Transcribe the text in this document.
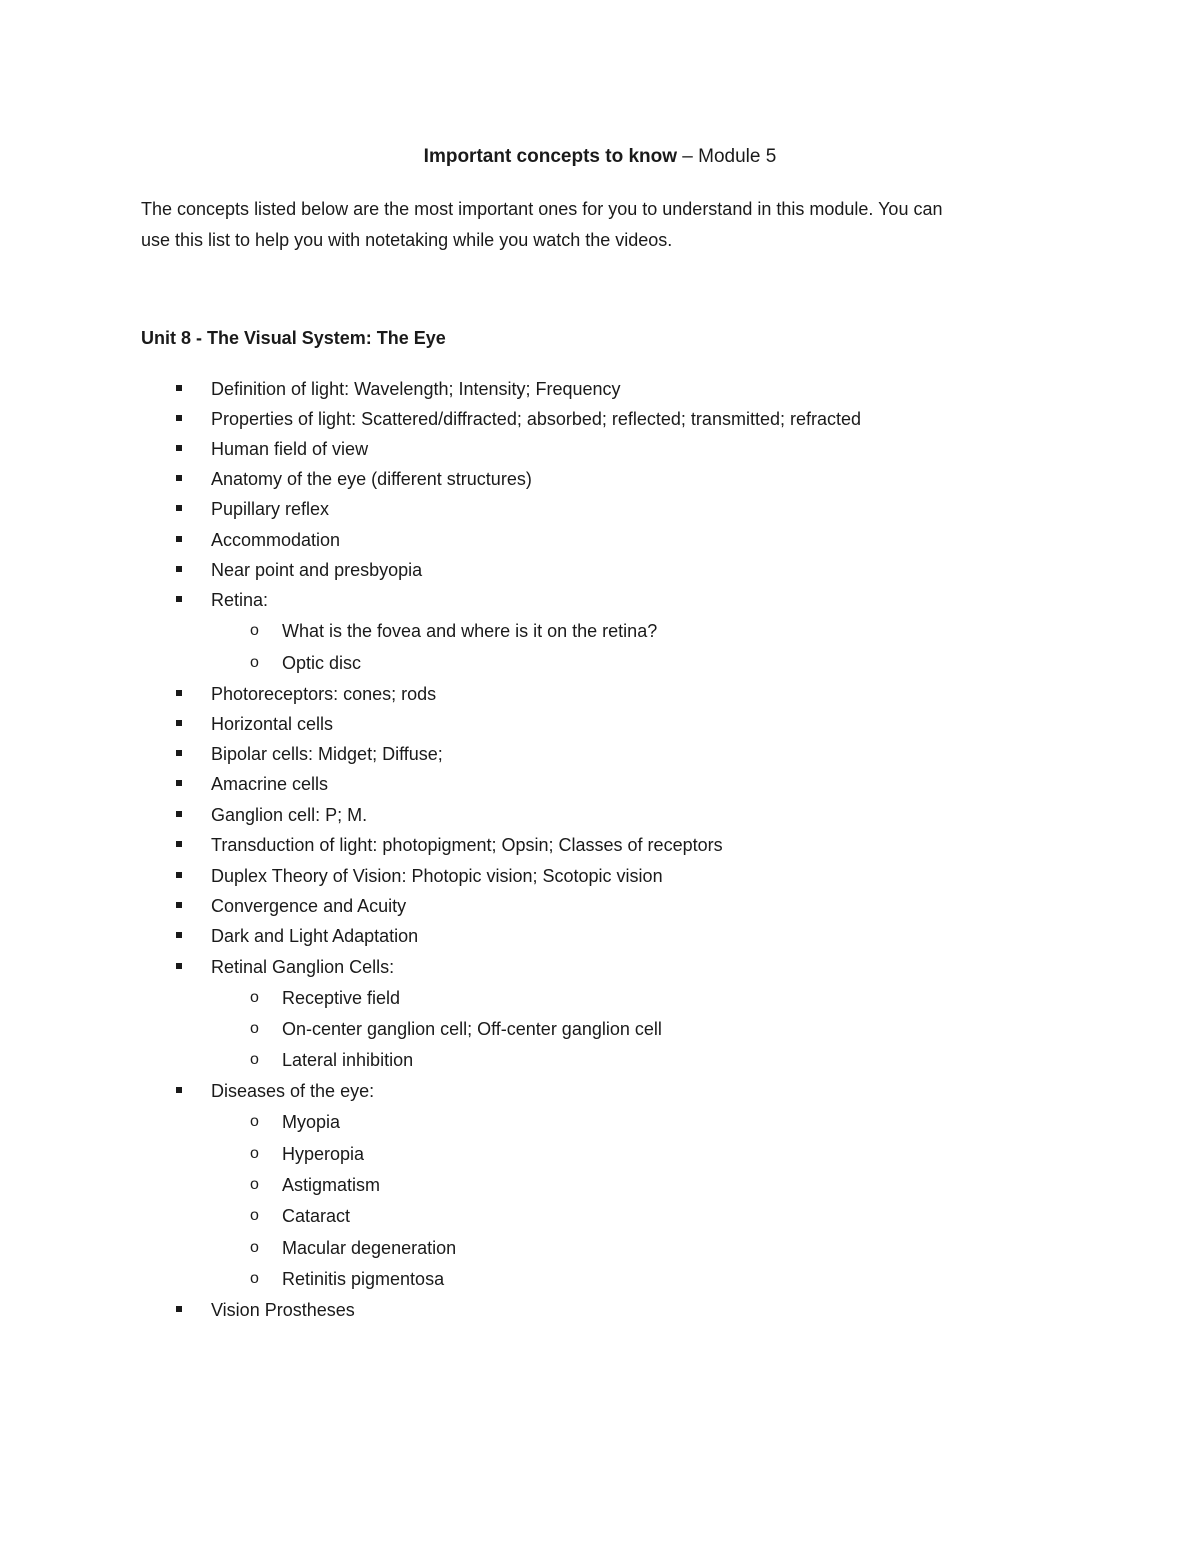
Important concepts to know – Module 5

The concepts listed below are the most important ones for you to understand in this module. You can

use this list to help you with notetaking while you watch the videos.

Unit 8 - The Visual System: The Eye
Definition of light: Wavelength; Intensity; Frequency
Properties of light: Scattered/diffracted; absorbed; reflected; transmitted; refracted
Human field of view
Anatomy of the eye (different structures)
Pupillary reflex
Accommodation
Near point and presbyopia
Retina:
o What is the fovea and where is it on the retina?
o Optic disc
Photoreceptors: cones; rods
Horizontal cells
Bipolar cells: Midget; Diffuse;
Amacrine cells
Ganglion cell: P; M.
Transduction of light: photopigment; Opsin; Classes of receptors
Duplex Theory of Vision: Photopic vision; Scotopic vision
Convergence and Acuity
Dark and Light Adaptation
Retinal Ganglion Cells:
o Receptive field
o On-center ganglion cell; Off-center ganglion cell
o Lateral inhibition
Diseases of the eye:
o Myopia
o Hyperopia
o Astigmatism
o Cataract
o Macular degeneration
o Retinitis pigmentosa
Vision Prostheses
